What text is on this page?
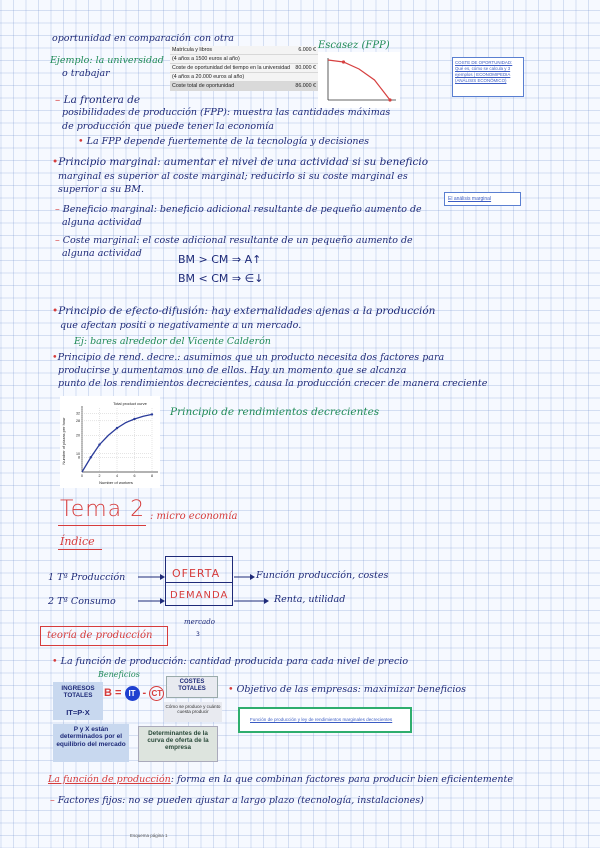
oportunidad en comparación con otra
Ejemplo: la universidad
o trabajar
Matrícula y libros	6.000 €
(4 años a 1500 euros al año)	
Coste de oportunidad del tiempo en la universidad	80.000 €
(4 años a 20.000 euros al año)	
Coste total de oportunidad	86.000 €
Escasez (FPP)
COSTE DE OPORTUNIDAD: Qué es, cómo se calcula y 3 ejemplos | ECONOMIPEDIA (ANÁLISIS ECONÓMICO)
– La frontera de
posibilidades de producción (FPP): muestra las cantidades máximas
de producción que puede tener la economía
• La FPP depende fuertemente de la tecnología y decisiones
•Principio marginal: aumentar el nivel de una actividad si su beneficio
marginal es superior al coste marginal; reducirlo si su coste marginal es
superior a su BM.
El análisis marginal
– Beneficio marginal: beneficio adicional resultante de pequeño aumento de
alguna actividad
– Coste marginal: el coste adicional resultante de un pequeño aumento de
alguna actividad	BM > CM ⇒ A↑
BM < CM ⇒ ∈↓
•Principio de efecto-difusión: hay externalidades ajenas a la producción
que afectan positi o negativamente a un mercado.
Ej: bares alrededor del Vicente Calderón
•Principio de rend. decre.: asumimos que un producto necesita dos factores para
producirse y aumentamos uno de ellos. Hay un momento que se alcanza
punto de los rendimientos decrecientes, causa la producción crecer de manera creciente
Total product curve
Number of pizzas per hour
Number of workers
0	2	4	6	8
8
10
20
28
32	Principio de rendimientos decrecientes
Tema 2 : micro economía
Índice
1 Tª Producción
2 Tª Consumo
OFERTA
DEMANDA
Función producción, costes
Renta, utilidad
mercado
3
teoría de producción
• La función de producción: cantidad producida para cada nivel de precio
Beneficios
INGRESOS TOTALES	B = IT - CT
COSTES TOTALES
Cómo se produce y cuánto cuesta producir
IT=P·X
P y X están determinados por el equilibrio del mercado
Determinantes de la curva de oferta de la empresa
• Objetivo de las empresas: maximizar beneficios
Función de producción y ley de rendimientos marginales decrecientes
La función de producción: forma en la que combinan factores para producir bien eficientemente
– Factores fijos: no se pueden ajustar a largo plazo (tecnología, instalaciones)
Esquema página 1
